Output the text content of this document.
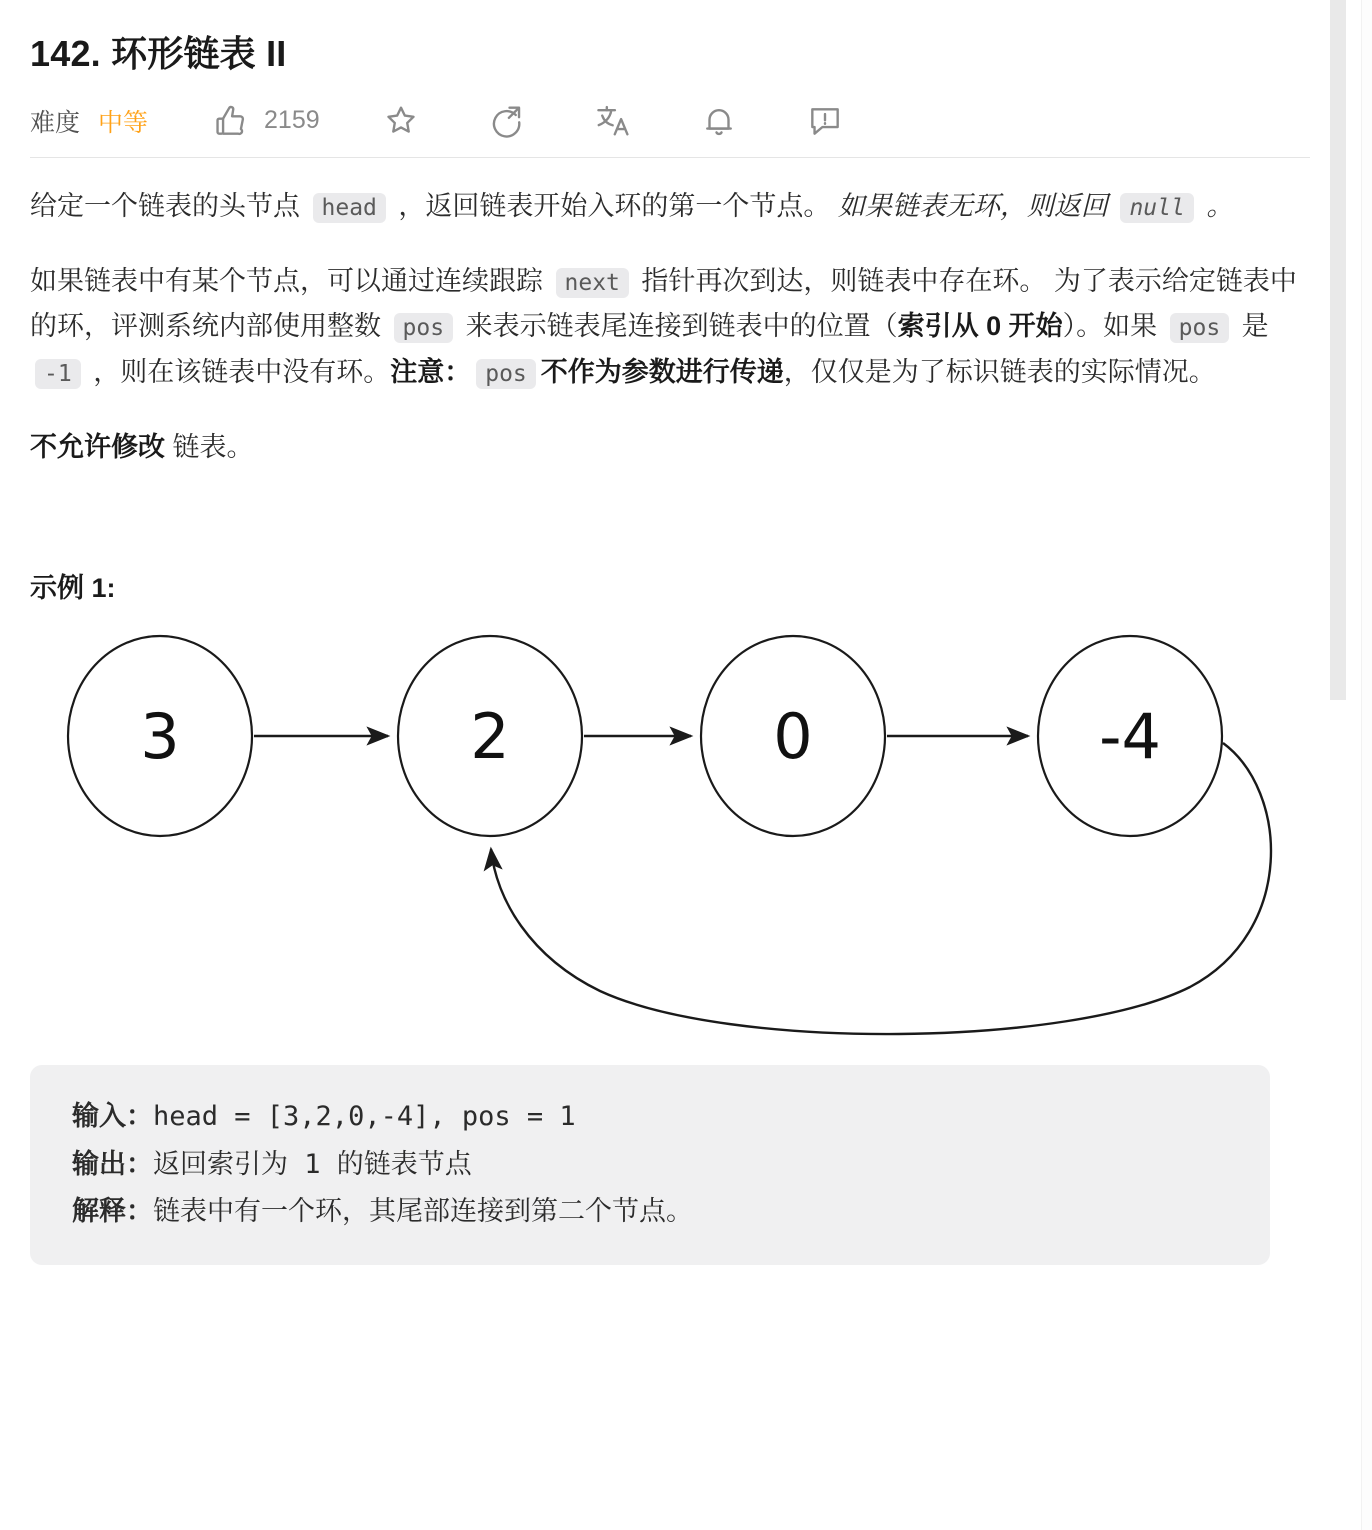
142. 环形链表 II
难度 中等	2159

给定一个链表的头节点 head ，返回链表开始入环的第一个节点。 如果链表无环，则返回 null 。

如果链表中有某个节点，可以通过连续跟踪 next 指针再次到达，则链表中存在环。 为了表示给定链表中的环，评测系统内部使用整数 pos 来表示链表尾连接到链表中的位置（索引从 0 开始）。如果 pos 是 -1 ，则在该链表中没有环。注意： pos 不作为参数进行传递，仅仅是为了标识链表的实际情况。

不允许修改 链表。

示例 1:

3	2	0	-4
输入：head = [3,2,0,-4], pos = 1
输出：返回索引为 1 的链表节点
解释：链表中有一个环，其尾部连接到第二个节点。
